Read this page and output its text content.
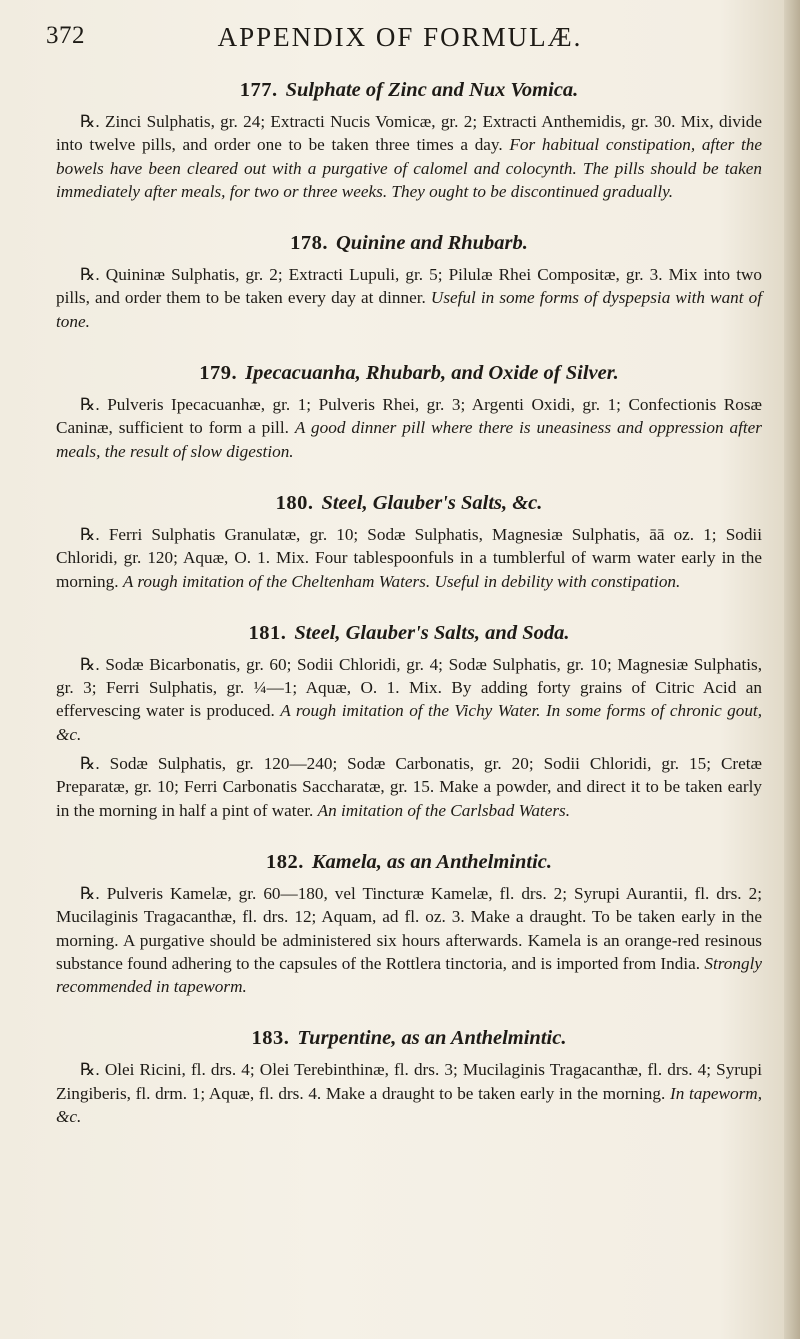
372	APPENDIX OF FORMULÆ.
177. Sulphate of Zinc and Nux Vomica.

℞. Zinci Sulphatis, gr. 24; Extracti Nucis Vomicæ, gr. 2; Extracti Anthemidis, gr. 30. Mix, divide into twelve pills, and order one to be taken three times a day. For habitual constipation, after the bowels have been cleared out with a purgative of calomel and colocynth. The pills should be taken immediately after meals, for two or three weeks. They ought to be discontinued gradually.

178. Quinine and Rhubarb.

℞. Quininæ Sulphatis, gr. 2; Extracti Lupuli, gr. 5; Pilulæ Rhei Compositæ, gr. 3. Mix into two pills, and order them to be taken every day at dinner. Useful in some forms of dyspepsia with want of tone.

179. Ipecacuanha, Rhubarb, and Oxide of Silver.

℞. Pulveris Ipecacuanhæ, gr. 1; Pulveris Rhei, gr. 3; Argenti Oxidi, gr. 1; Confectionis Rosæ Caninæ, sufficient to form a pill. A good dinner pill where there is uneasiness and oppression after meals, the result of slow digestion.

180. Steel, Glauber's Salts, &c.

℞. Ferri Sulphatis Granulatæ, gr. 10; Sodæ Sulphatis, Magnesiæ Sulphatis, āā oz. 1; Sodii Chloridi, gr. 120; Aquæ, O. 1. Mix. Four tablespoonfuls in a tumblerful of warm water early in the morning. A rough imitation of the Cheltenham Waters. Useful in debility with constipation.

181. Steel, Glauber's Salts, and Soda.

℞. Sodæ Bicarbonatis, gr. 60; Sodii Chloridi, gr. 4; Sodæ Sulphatis, gr. 10; Magnesiæ Sulphatis, gr. 3; Ferri Sulphatis, gr. ¼—1; Aquæ, O. 1. Mix. By adding forty grains of Citric Acid an effervescing water is produced. A rough imitation of the Vichy Water. In some forms of chronic gout, &c.

℞. Sodæ Sulphatis, gr. 120—240; Sodæ Carbonatis, gr. 20; Sodii Chloridi, gr. 15; Cretæ Preparatæ, gr. 10; Ferri Carbonatis Saccharatæ, gr. 15. Make a powder, and direct it to be taken early in the morning in half a pint of water. An imitation of the Carlsbad Waters.

182. Kamela, as an Anthelmintic.

℞. Pulveris Kamelæ, gr. 60—180, vel Tincturæ Kamelæ, fl. drs. 2; Syrupi Aurantii, fl. drs. 2; Mucilaginis Tragacanthæ, fl. drs. 12; Aquam, ad fl. oz. 3. Make a draught. To be taken early in the morning. A purgative should be administered six hours afterwards. Kamela is an orange-red resinous substance found adhering to the capsules of the Rottlera tinctoria, and is imported from India. Strongly recommended in tapeworm.

183. Turpentine, as an Anthelmintic.

℞. Olei Ricini, fl. drs. 4; Olei Terebinthinæ, fl. drs. 3; Mucilaginis Tragacanthæ, fl. drs. 4; Syrupi Zingiberis, fl. drm. 1; Aquæ, fl. drs. 4. Make a draught to be taken early in the morning. In tapeworm, &c.
